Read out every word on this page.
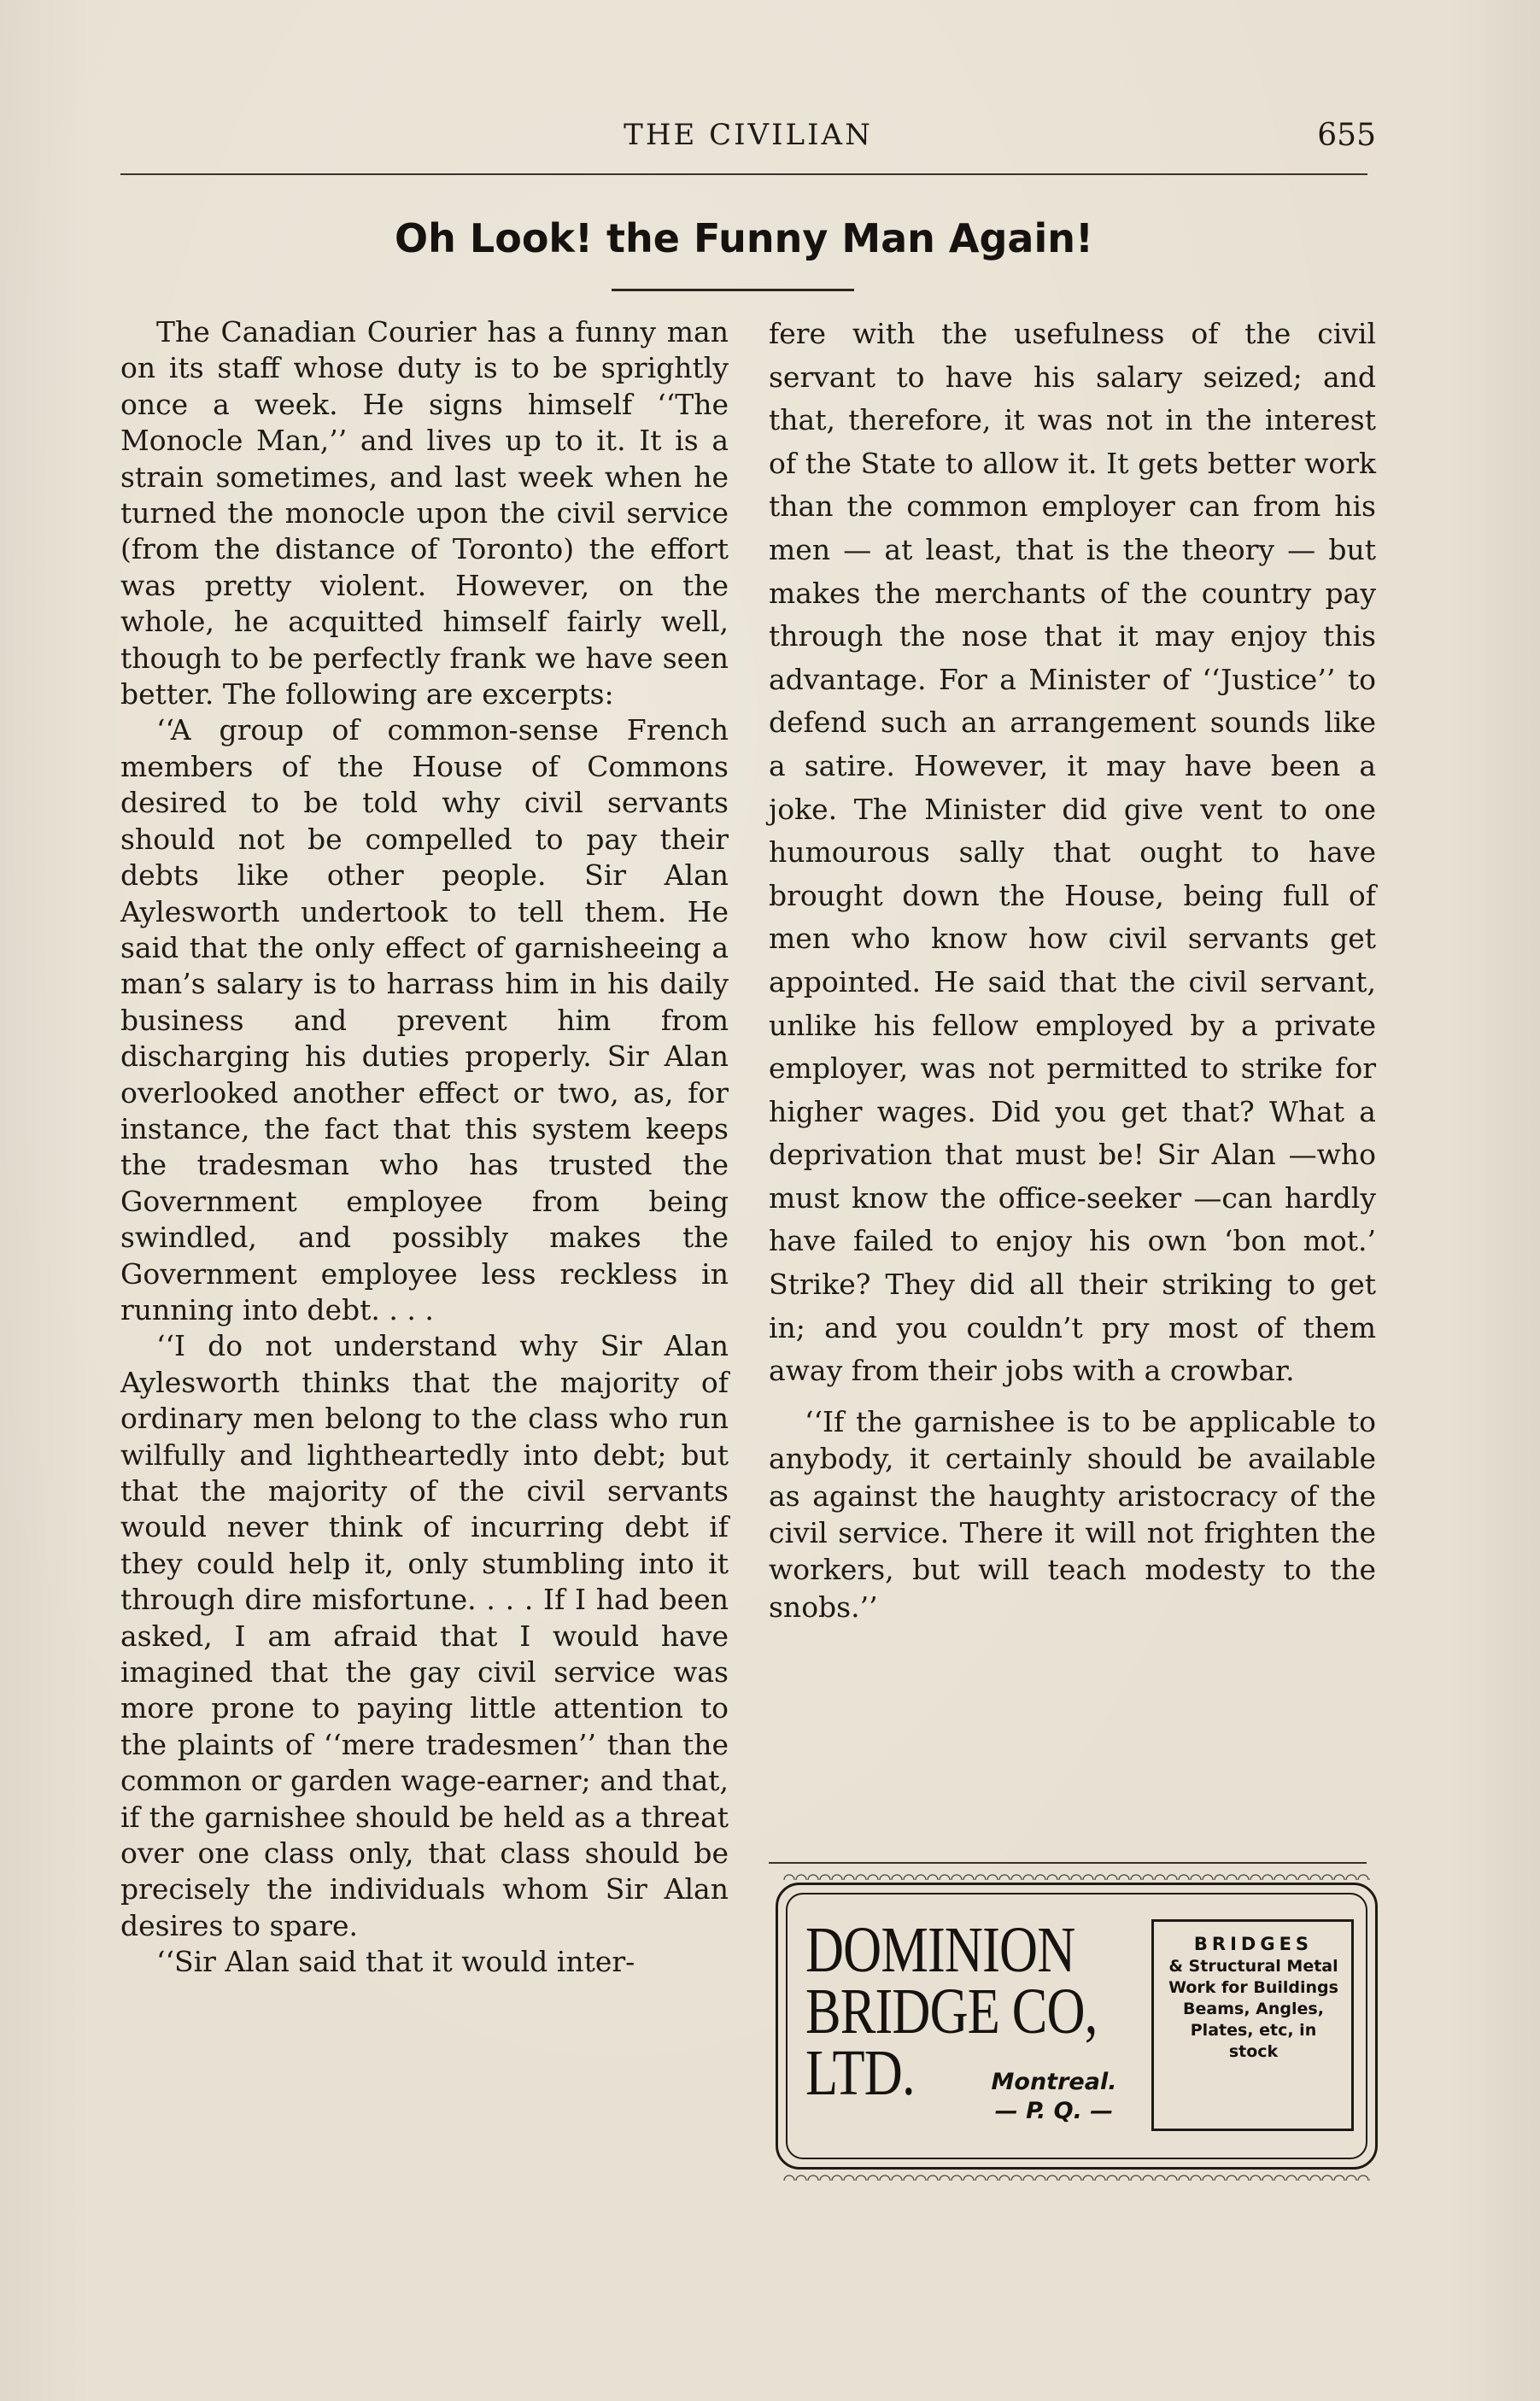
THE CIVILIAN	655
Oh Look! the Funny Man Again!

The Canadian Courier has a funny man on its staff whose duty is to be sprightly once a week. He signs himself ‘‘The Monocle Man,’’ and lives up to it. It is a strain sometimes, and last week when he turned the monocle upon the civil service (from the distance of Toronto) the effort was pretty violent. However, on the whole, he acquitted himself fairly well, though to be perfectly frank we have seen better. The following are excerpts:

‘‘A group of common-sense French members of the House of Commons desired to be told why civil servants should not be compelled to pay their debts like other people. Sir Alan Aylesworth undertook to tell them. He said that the only effect of garnisheeing a man’s salary is to harrass him in his daily business and prevent him from discharging his duties properly. Sir Alan overlooked another effect or two, as, for instance, the fact that this system keeps the tradesman who has trusted the Government employee from being swindled, and possibly makes the Government employee less reckless in running into debt. . . .

‘‘I do not understand why Sir Alan Aylesworth thinks that the majority of ordinary men belong to the class who run wilfully and lightheartedly into debt; but that the majority of the civil servants would never think of incurring debt if they could help it, only stumbling into it through dire misfortune. . . . If I had been asked, I am afraid that I would have imagined that the gay civil service was more prone to paying little attention to the plaints of ‘‘mere tradesmen’’ than the common or garden wage-earner; and that, if the garnishee should be held as a threat over one class only, that class should be precisely the individuals whom Sir Alan desires to spare.

‘‘Sir Alan said that it would inter-

fere with the usefulness of the civil servant to have his salary seized; and that, therefore, it was not in the interest of the State to allow it. It gets better work than the common employer can from his men — at least, that is the theory — but makes the merchants of the country pay through the nose that it may enjoy this advantage. For a Minister of ‘‘Justice’’ to defend such an arrangement sounds like a satire. However, it may have been a joke. The Minister did give vent to one humourous sally that ought to have brought down the House, being full of men who know how civil servants get appointed. He said that the civil servant, unlike his fellow employed by a private employer, was not permitted to strike for higher wages. Did you get that? What a deprivation that must be! Sir Alan —who must know the office-seeker —can hardly have failed to enjoy his own ‘bon mot.’ Strike? They did all their striking to get in; and you couldn’t pry most of them away from their jobs with a crowbar.

‘‘If the garnishee is to be applicable to anybody, it certainly should be available as against the haughty aristocracy of the civil service. There it will not frighten the workers, but will teach modesty to the snobs.’’

DOMINION
BRIDGE CO,
LTD.	Montreal.
— P. Q. —
BRIDGES
& Structural Metal Work for Buildings Beams, Angles, Plates, etc, in stock
